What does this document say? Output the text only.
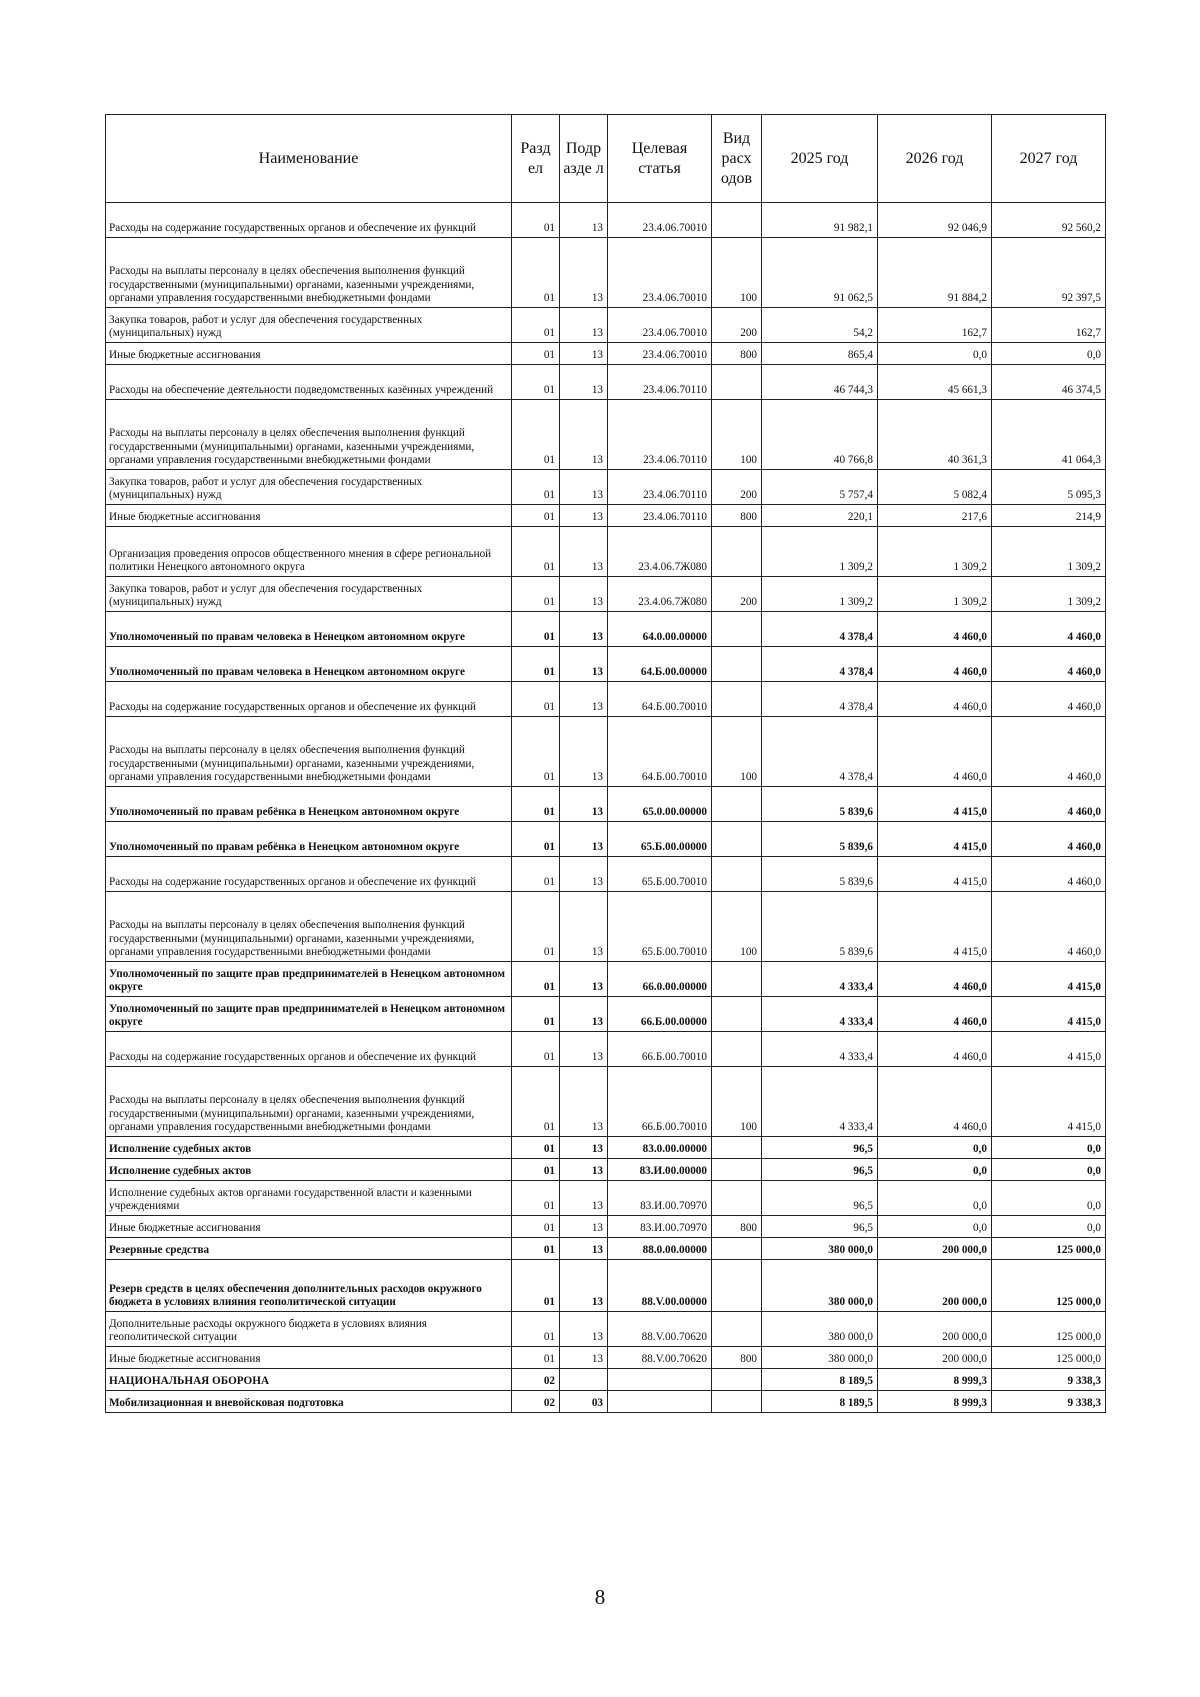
Наименование	Разд ел	Подр азде л	Целевая статья	Вид расх одов	2025 год	2026 год	2027 год
Расходы на содержание государственных органов и обеспечение их функций	01	13	23.4.06.70010		91 982,1	92 046,9	92 560,2
Расходы на выплаты персоналу в целях обеспечения выполнения функций государственными (муниципальными) органами, казенными учреждениями, органами управления государственными внебюджетными фондами	01	13	23.4.06.70010	100	91 062,5	91 884,2	92 397,5
Закупка товаров, работ и услуг для обеспечения государственных (муниципальных) нужд	01	13	23.4.06.70010	200	54,2	162,7	162,7
Иные бюджетные ассигнования	01	13	23.4.06.70010	800	865,4	0,0	0,0
Расходы на обеспечение деятельности подведомственных казённых учреждений	01	13	23.4.06.70110		46 744,3	45 661,3	46 374,5
Расходы на выплаты персоналу в целях обеспечения выполнения функций государственными (муниципальными) органами, казенными учреждениями, органами управления государственными внебюджетными фондами	01	13	23.4.06.70110	100	40 766,8	40 361,3	41 064,3
Закупка товаров, работ и услуг для обеспечения государственных (муниципальных) нужд	01	13	23.4.06.70110	200	5 757,4	5 082,4	5 095,3
Иные бюджетные ассигнования	01	13	23.4.06.70110	800	220,1	217,6	214,9
Организация проведения опросов общественного мнения в сфере региональной политики Ненецкого автономного округа	01	13	23.4.06.7Ж080		1 309,2	1 309,2	1 309,2
Закупка товаров, работ и услуг для обеспечения государственных (муниципальных) нужд	01	13	23.4.06.7Ж080	200	1 309,2	1 309,2	1 309,2
Уполномоченный по правам человека в Ненецком автономном округе	01	13	64.0.00.00000		4 378,4	4 460,0	4 460,0
Уполномоченный по правам человека в Ненецком автономном округе	01	13	64.Б.00.00000		4 378,4	4 460,0	4 460,0
Расходы на содержание государственных органов и обеспечение их функций	01	13	64.Б.00.70010		4 378,4	4 460,0	4 460,0
Расходы на выплаты персоналу в целях обеспечения выполнения функций государственными (муниципальными) органами, казенными учреждениями, органами управления государственными внебюджетными фондами	01	13	64.Б.00.70010	100	4 378,4	4 460,0	4 460,0
Уполномоченный по правам ребёнка в Ненецком автономном округе	01	13	65.0.00.00000		5 839,6	4 415,0	4 460,0
Уполномоченный по правам ребёнка в Ненецком автономном округе	01	13	65.Б.00.00000		5 839,6	4 415,0	4 460,0
Расходы на содержание государственных органов и обеспечение их функций	01	13	65.Б.00.70010		5 839,6	4 415,0	4 460,0
Расходы на выплаты персоналу в целях обеспечения выполнения функций государственными (муниципальными) органами, казенными учреждениями, органами управления государственными внебюджетными фондами	01	13	65.Б.00.70010	100	5 839,6	4 415,0	4 460,0
Уполномоченный по защите прав предпринимателей в Ненецком автономном округе	01	13	66.0.00.00000		4 333,4	4 460,0	4 415,0
Уполномоченный по защите прав предпринимателей в Ненецком автономном округе	01	13	66.Б.00.00000		4 333,4	4 460,0	4 415,0
Расходы на содержание государственных органов и обеспечение их функций	01	13	66.Б.00.70010		4 333,4	4 460,0	4 415,0
Расходы на выплаты персоналу в целях обеспечения выполнения функций государственными (муниципальными) органами, казенными учреждениями, органами управления государственными внебюджетными фондами	01	13	66.Б.00.70010	100	4 333,4	4 460,0	4 415,0
Исполнение судебных актов	01	13	83.0.00.00000		96,5	0,0	0,0
Исполнение судебных актов	01	13	83.И.00.00000		96,5	0,0	0,0
Исполнение судебных актов органами государственной власти и казенными учреждениями	01	13	83.И.00.70970		96,5	0,0	0,0
Иные бюджетные ассигнования	01	13	83.И.00.70970	800	96,5	0,0	0,0
Резервные средства	01	13	88.0.00.00000		380 000,0	200 000,0	125 000,0
Резерв средств в целях обеспечения дополнительных расходов окружного бюджета в условиях влияния геополитической ситуации	01	13	88.V.00.00000		380 000,0	200 000,0	125 000,0
Дополнительные расходы окружного бюджета в условиях влияния геополитической ситуации	01	13	88.V.00.70620		380 000,0	200 000,0	125 000,0
Иные бюджетные ассигнования	01	13	88.V.00.70620	800	380 000,0	200 000,0	125 000,0
НАЦИОНАЛЬНАЯ ОБОРОНА	02				8 189,5	8 999,3	9 338,3
Мобилизационная и вневойсковая подготовка	02	03			8 189,5	8 999,3	9 338,3
8
